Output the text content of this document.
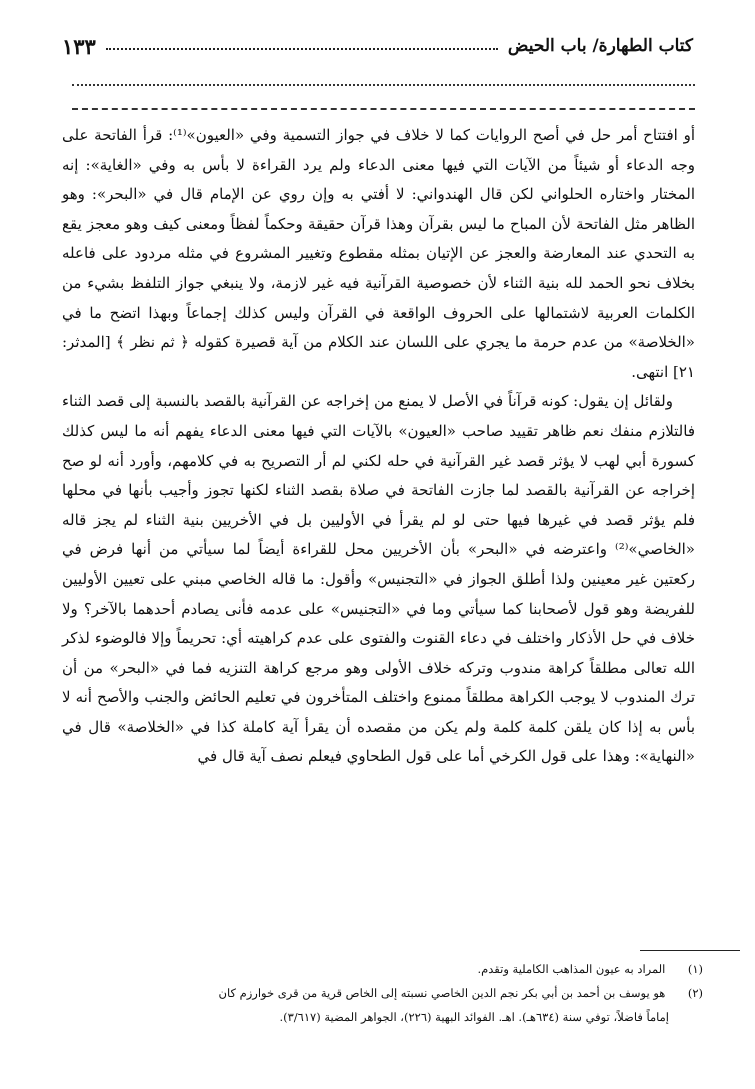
كتاب الطهارة/ باب الحيض
١٣٣

أو افتتاح أمر حل في أصح الروايات كما لا خلاف في جواز التسمية وفي «العيون»⁽¹⁾: قرأ الفاتحة على وجه الدعاء أو شيئاً من الآيات التي فيها معنى الدعاء ولم يرد القراءة لا بأس به وفي «الغاية»: إنه المختار واختاره الحلواني لكن قال الهندواني: لا أفتي به وإن روي عن الإمام قال في «البحر»: وهو الظاهر مثل الفاتحة لأن المباح ما ليس بقرآن وهذا قرآن حقيقة وحكماً لفظاً ومعنى كيف وهو معجز يقع به التحدي عند المعارضة والعجز عن الإتيان بمثله مقطوع وتغيير المشروع في مثله مردود على فاعله بخلاف نحو الحمد لله بنية الثناء لأن خصوصية القرآنية فيه غير لازمة، ولا ينبغي جواز التلفظ بشيء من الكلمات العربية لاشتمالها على الحروف الواقعة في القرآن وليس كذلك إجماعاً وبهذا اتضح ما في «الخلاصة» من عدم حرمة ما يجري على اللسان عند الكلام من آية قصيرة كقوله ﴿ ثم نظر ﴾ [المدثر: ٢١] انتهى.

ولقائل إن يقول: كونه قرآناً في الأصل لا يمنع من إخراجه عن القرآنية بالقصد بالنسبة إلى قصد الثناء فالتلازم منفك نعم ظاهر تقييد صاحب «العيون» بالآيات التي فيها معنى الدعاء يفهم أنه ما ليس كذلك كسورة أبي لهب لا يؤثر قصد غير القرآنية في حله لكني لم أر التصريح به في كلامهم، وأورد أنه لو صح إخراجه عن القرآنية بالقصد لما جازت الفاتحة في صلاة بقصد الثناء لكنها تجوز وأجيب بأنها في محلها فلم يؤثر قصد في غيرها فيها حتى لو لم يقرأ في الأوليين بل في الأخريين بنية الثناء لم يجز قاله «الخاصي»⁽²⁾ واعترضه في «البحر» بأن الأخريين محل للقراءة أيضاً لما سيأتي من أنها فرض في ركعتين غير معينين ولذا أطلق الجواز في «التجنيس» وأقول: ما قاله الخاصي مبني على تعيين الأوليين للفريضة وهو قول لأصحابنا كما سيأتي وما في «التجنيس» على عدمه فأنى يصادم أحدهما بالآخر؟ ولا خلاف في حل الأذكار واختلف في دعاء القنوت والفتوى على عدم كراهيته أي: تحريماً وإلا فالوضوء لذكر الله تعالى مطلقاً كراهة مندوب وتركه خلاف الأولى وهو مرجع كراهة التنزيه فما في «البحر» من أن ترك المندوب لا يوجب الكراهة مطلقاً ممنوع واختلف المتأخرون في تعليم الحائض والجنب والأصح أنه لا بأس به إذا كان يلقن كلمة كلمة ولم يكن من مقصده أن يقرأ آية كاملة كذا في «الخلاصة» قال في «النهاية»: وهذا على قول الكرخي أما على قول الطحاوي فيعلم نصف آية قال في

(١) المراد به عيون المذاهب الكاملية وتقدم.

(٢) هو يوسف بن أحمد بن أبي بكر نجم الدين الخاصي نسبته إلى الخاص قرية من قرى خوارزم كان

إماماً فاضلاً، توفي سنة (٦٣٤هـ). اهـ. الفوائد البهية (٢٢٦)، الجواهر المضية (٣/٦١٧).
